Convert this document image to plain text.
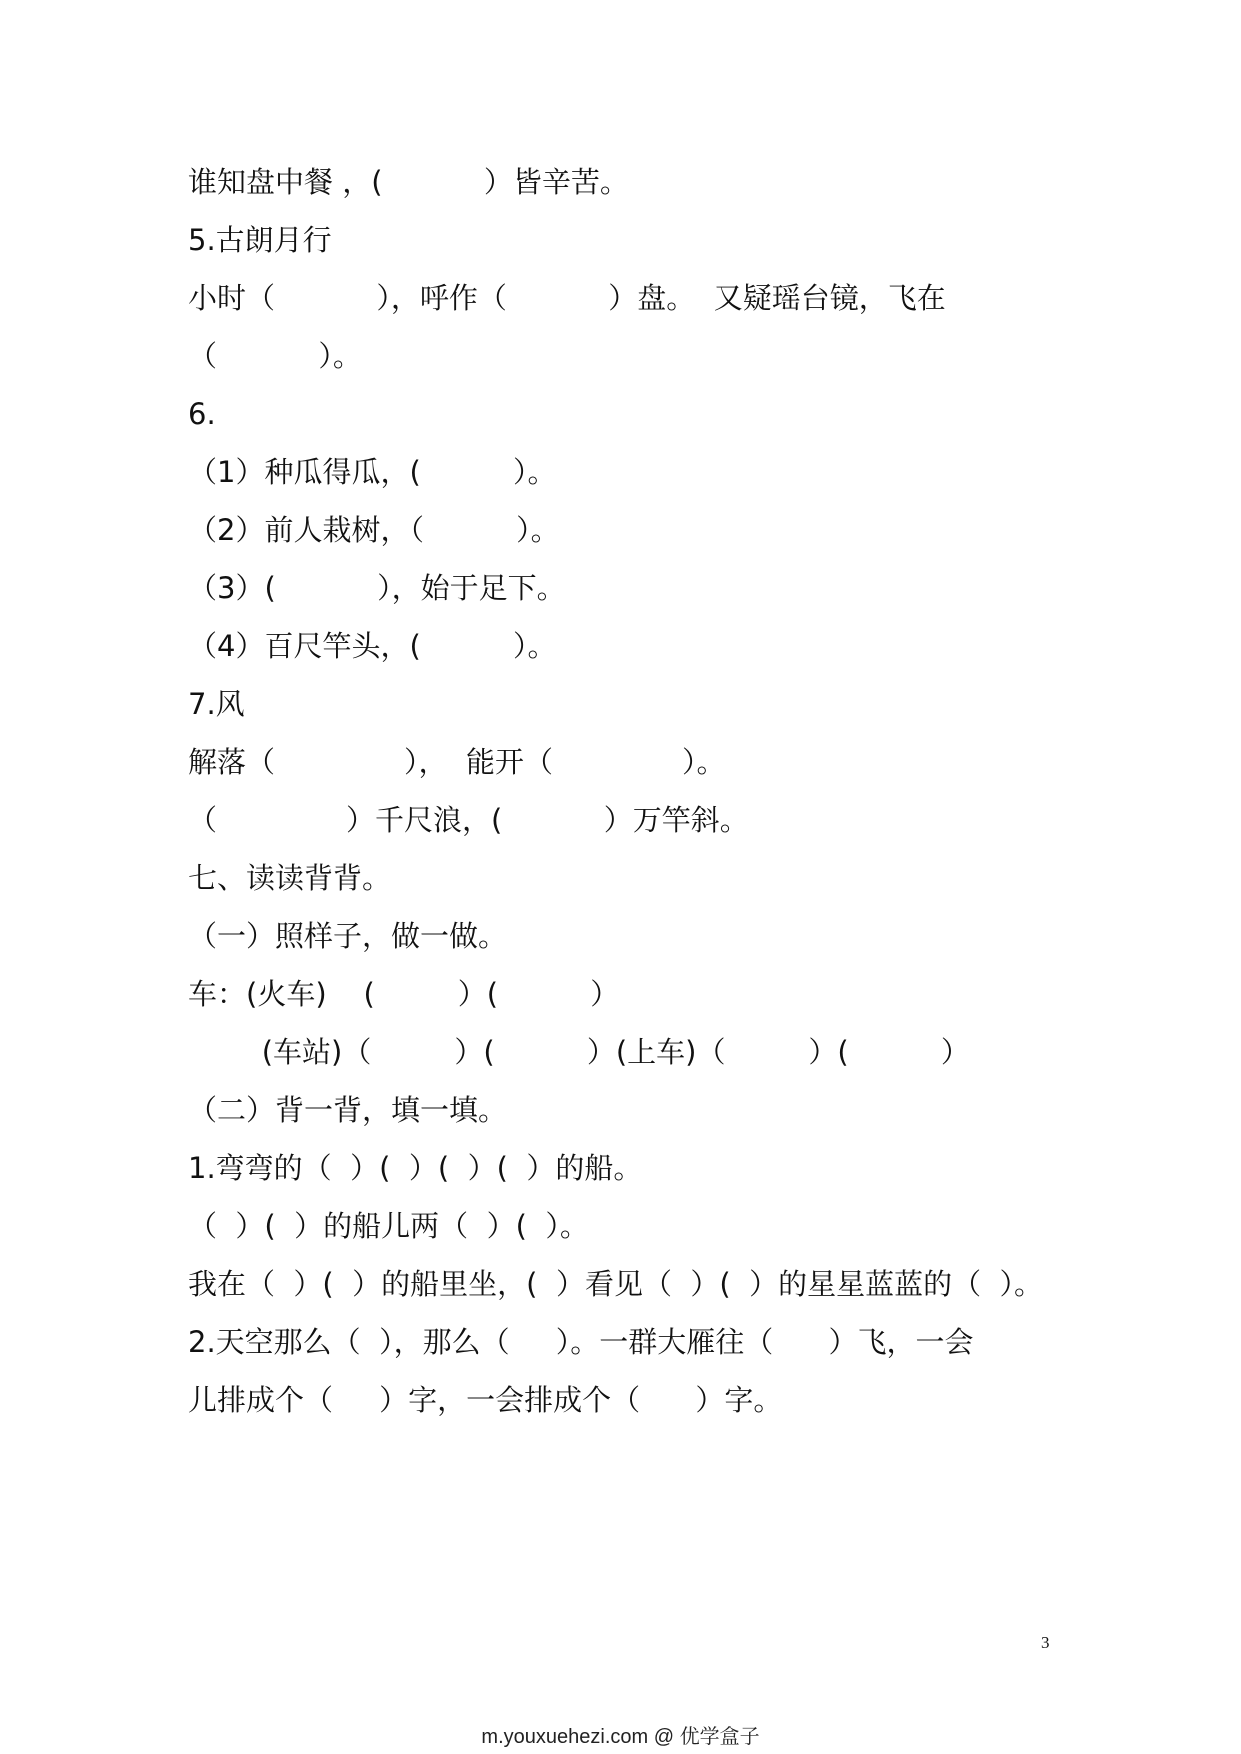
谁知盘中餐 ，(           ）皆辛苦。

5.古朗月行

小时（           ），呼作（           ）盘。  又疑瑶台镜，飞在

（           ）。

6.

（1）种瓜得瓜，(          ）。

（2）前人栽树，（          ）。

（3）(           ），始于足下。

（4）百尺竿头，(          ）。

7.风

解落（              ），  能开（              ）。

（              ）千尺浪，(           ）万竿斜。

七、读读背背。

（一）照样子，做一做。

车：(火车)    (         ）(          ）

(车站)（         ）(          ）(上车)（         ）(          ）

（二）背一背，填一填。

1.弯弯的（  ）(  ）(  ）(  ）的船。

（  ）(  ）的船儿两（  ）(  ）。

我在（  ）(  ）的船里坐，(  ）看见（  ）(  ）的星星蓝蓝的（  ）。

2.天空那么（  ），那么（     ）。一群大雁往（      ）飞，一会

儿排成个（     ）字，一会排成个（      ）字。

3
m.youxuehezi.com @ 优学盒子
